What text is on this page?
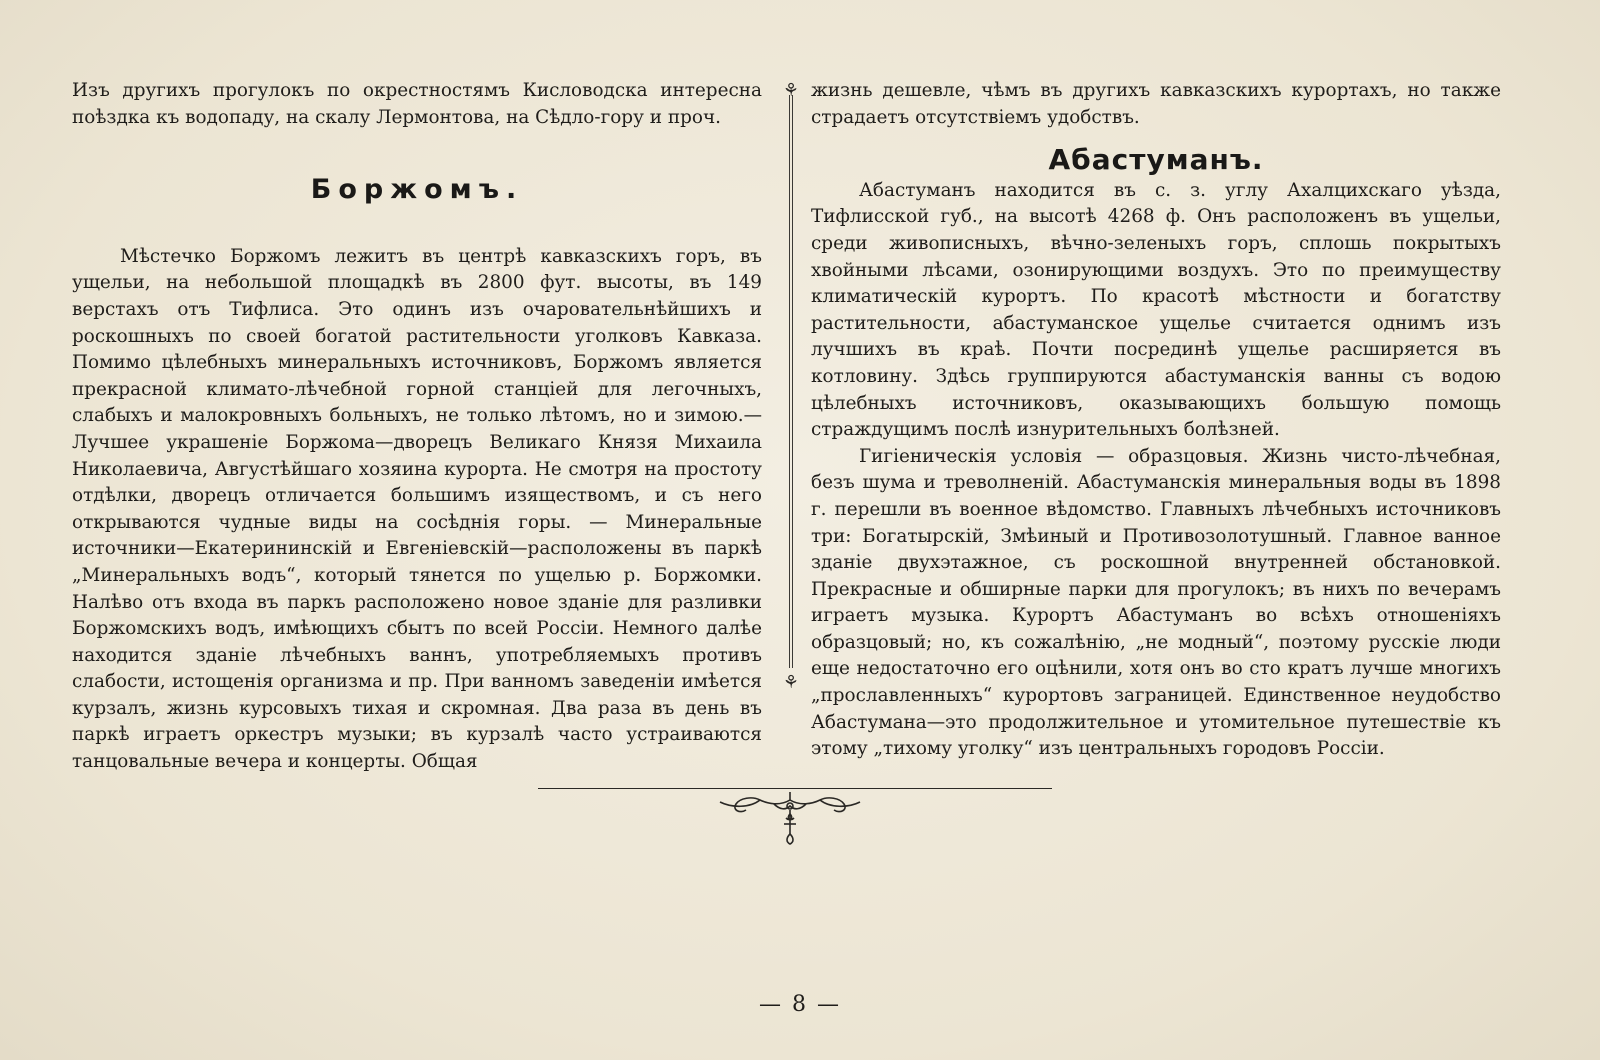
Изъ другихъ прогулокъ по окрестностямъ Кисловодска интересна поѣздка къ водопаду, на скалу Лермонтова, на Сѣдло-гору и проч.

Боржомъ.

Мѣстечко Боржомъ лежитъ въ центрѣ кавказскихъ горъ, въ ущельи, на небольшой площадкѣ въ 2800 фут. высоты, въ 149 верстахъ отъ Тифлиса. Это одинъ изъ очаровательнѣйшихъ и роскошныхъ по своей богатой растительности уголковъ Кавказа. Помимо цѣлебныхъ минеральныхъ источниковъ, Боржомъ является прекрасной климато-лѣчебной горной станцiей для легочныхъ, слабыхъ и малокровныхъ больныхъ, не только лѣтомъ, но и зимою.—Лучшее украшенiе Боржома—дворецъ Великаго Князя Михаила Николаевича, Августѣйшаго хозяина курорта. Не смотря на простоту отдѣлки, дворецъ отличается большимъ изяществомъ, и съ него открываются чудные виды на сосѣднiя горы. — Минеральные источники—Екатерининскiй и Евгенiевскiй—расположены въ паркѣ „Минеральныхъ водъ“, который тянется по ущелью р. Боржомки. Налѣво отъ входа въ паркъ расположено новое зданiе для разливки Боржомскихъ водъ, имѣющихъ сбытъ по всей Россiи. Немного далѣе находится зданiе лѣчебныхъ ваннъ, употребляемыхъ противъ слабости, истощенiя организма и пр. При ванномъ заведенiи имѣется курзалъ, жизнь курсовыхъ тихая и скромная. Два раза въ день въ паркѣ играетъ оркестръ музыки; въ курзалѣ часто устраиваются танцовальные вечера и концерты. Общая

⚘
⚘

жизнь дешевле, чѣмъ въ другихъ кавказскихъ курортахъ, но также страдаетъ отсутствiемъ удобствъ.

Абастуманъ.

Абастуманъ находится въ с. з. углу Ахалцихскаго уѣзда, Тифлисской губ., на высотѣ 4268 ф. Онъ расположенъ въ ущельи, среди живописныхъ, вѣчно-зеленыхъ горъ, сплошь покрытыхъ хвойными лѣсами, озонирующими воздухъ. Это по преимуществу климатическiй курортъ. По красотѣ мѣстности и богатству растительности, абастуманское ущелье считается однимъ изъ лучшихъ въ краѣ. Почти посрединѣ ущелье расширяется въ котловину. Здѣсь группируются абастуманскiя ванны съ водою цѣлебныхъ источниковъ, оказывающихъ большую помощь страждущимъ послѣ изнурительныхъ болѣзней.

Гигiеническiя условiя — образцовыя. Жизнь чисто-лѣчебная, безъ шума и треволненiй. Абастуманскiя минеральныя воды въ 1898 г. перешли въ военное вѣдомство. Главныхъ лѣчебныхъ источниковъ три: Богатырскiй, Змѣиный и Противозолотушный. Главное ванное зданiе двухэтажное, съ роскошной внутренней обстановкой. Прекрасные и обширные парки для прогулокъ; въ нихъ по вечерамъ играетъ музыка. Курортъ Абастуманъ во всѣхъ отношенiяхъ образцовый; но, къ сожалѣнiю, „не модный“, поэтому русскiе люди еще недостаточно его оцѣнили, хотя онъ во сто кратъ лучше многихъ „прославленныхъ“ курортовъ заграницей. Единственное неудобство Абастумана—это продолжительное и утомительное путешествiе къ этому „тихому уголку“ изъ центральныхъ городовъ Россiи.

— 8 —
